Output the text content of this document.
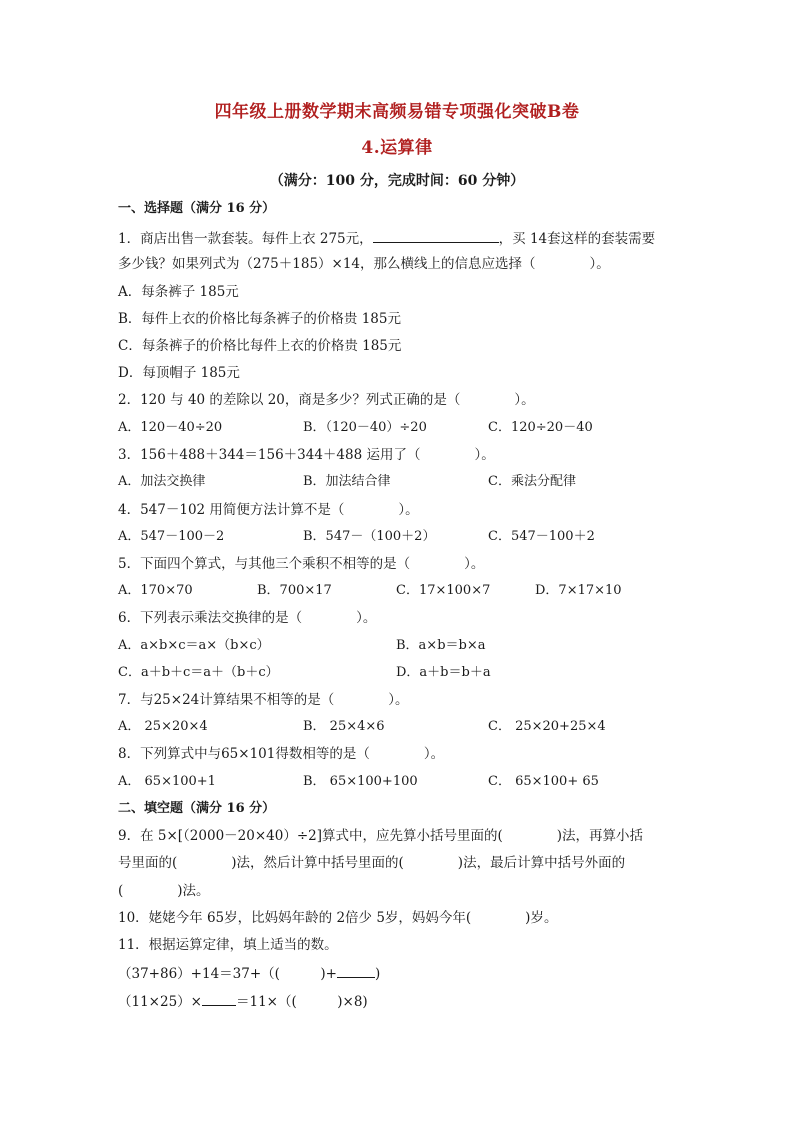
四年级上册数学期末高频易错专项强化突破B卷
4.运算律
（满分：100 分，完成时间：60 分钟）
一、选择题（满分 16 分）
1．商店出售一款套装。每件上衣 275元，	，买 14套这样的套装需要
多少钱？如果列式为（275＋185）×14，那么横线上的信息应选择（　　　　）。
A．每条裤子 185元
B．每件上衣的价格比每条裤子的价格贵 185元
C．每条裤子的价格比每件上衣的价格贵 185元
D．每顶帽子 185元
2．120 与 40 的差除以 20，商是多少？列式正确的是（　　　　）。
A．120－40÷20	B．（120－40）÷20	C．120÷20－40
3．156＋488＋344＝156＋344＋488 运用了（　　　　）。
A．加法交换律	B．加法结合律	C．乘法分配律
4．547－102 用简便方法计算不是（　　　　）。
A．547－100－2	B．547－（100＋2）	C．547－100＋2
5．下面四个算式，与其他三个乘积不相等的是（　　　　）。
A．170×70	B．700×17	C．17×100×7	D．7×17×10
6．下列表示乘法交换律的是（　　　　）。
A．a×b×c＝a×（b×c）	B．a×b＝b×a
C．a＋b＋c＝a＋（b＋c）	D．a＋b＝b＋a
7．与25×24计算结果不相等的是（　　　　）。
A． 25×20×4	B． 25×4×6	C． 25×20+25×4
8．下列算式中与65×101得数相等的是（　　　　）。
A． 65×100+1	B． 65×100+100	C． 65×100+ 65
二、填空题（满分 16 分）
9．在 5×[（2000－20×40）÷2]算式中，应先算小括号里面的(　　　　)法，再算小括
号里面的(　　　　)法，然后计算中括号里面的(　　　　)法，最后计算中括号外面的
(　　　　)法。
10．姥姥今年 65岁，比妈妈年龄的 2倍少 5岁，妈妈今年(　　　　)岁。
11．根据运算定律，填上适当的数。
（37+86）+14＝37+（(　　　)+	)
（11×25）×	＝11×（(　　　)×8)
